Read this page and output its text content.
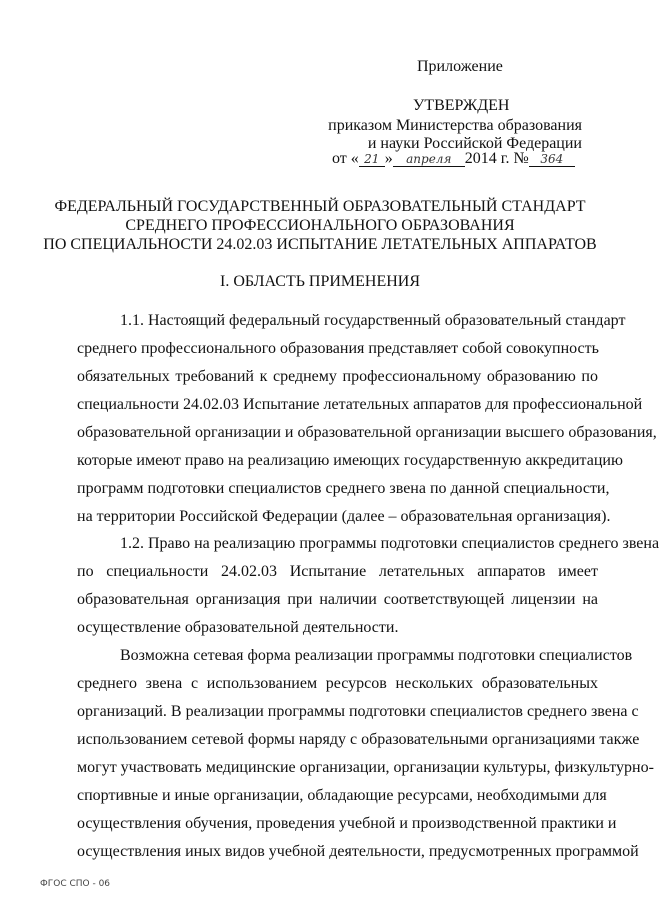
Приложение
УТВЕРЖДЕН
приказом Министерства образования
и науки Российской Федерации
от « 21 » апреля 2014 г. № 364
ФЕДЕРАЛЬНЫЙ ГОСУДАРСТВЕННЫЙ ОБРАЗОВАТЕЛЬНЫЙ СТАНДАРТ
СРЕДНЕГО ПРОФЕССИОНАЛЬНОГО ОБРАЗОВАНИЯ
ПО СПЕЦИАЛЬНОСТИ 24.02.03 ИСПЫТАНИЕ ЛЕТАТЕЛЬНЫХ АППАРАТОВ
I. ОБЛАСТЬ ПРИМЕНЕНИЯ
1.1. Настоящий федеральный государственный образовательный стандарт
среднего профессионального образования представляет собой совокупность
обязательных требований к среднему профессиональному образованию по
специальности 24.02.03 Испытание летательных аппаратов для профессиональной
образовательной организации и образовательной организации высшего образования,
которые имеют право на реализацию имеющих государственную аккредитацию
программ подготовки специалистов среднего звена по данной специальности,
на территории Российской Федерации (далее – образовательная организация).
1.2. Право на реализацию программы подготовки специалистов среднего звена
по специальности 24.02.03 Испытание летательных аппаратов имеет
образовательная организация при наличии соответствующей лицензии на
осуществление образовательной деятельности.
Возможна сетевая форма реализации программы подготовки специалистов
среднего звена с использованием ресурсов нескольких образовательных
организаций. В реализации программы подготовки специалистов среднего звена с
использованием сетевой формы наряду с образовательными организациями также
могут участвовать медицинские организации, организации культуры, физкультурно-
спортивные и иные организации, обладающие ресурсами, необходимыми для
осуществления обучения, проведения учебной и производственной практики и
осуществления иных видов учебной деятельности, предусмотренных программой
ФГОС СПО - 06
